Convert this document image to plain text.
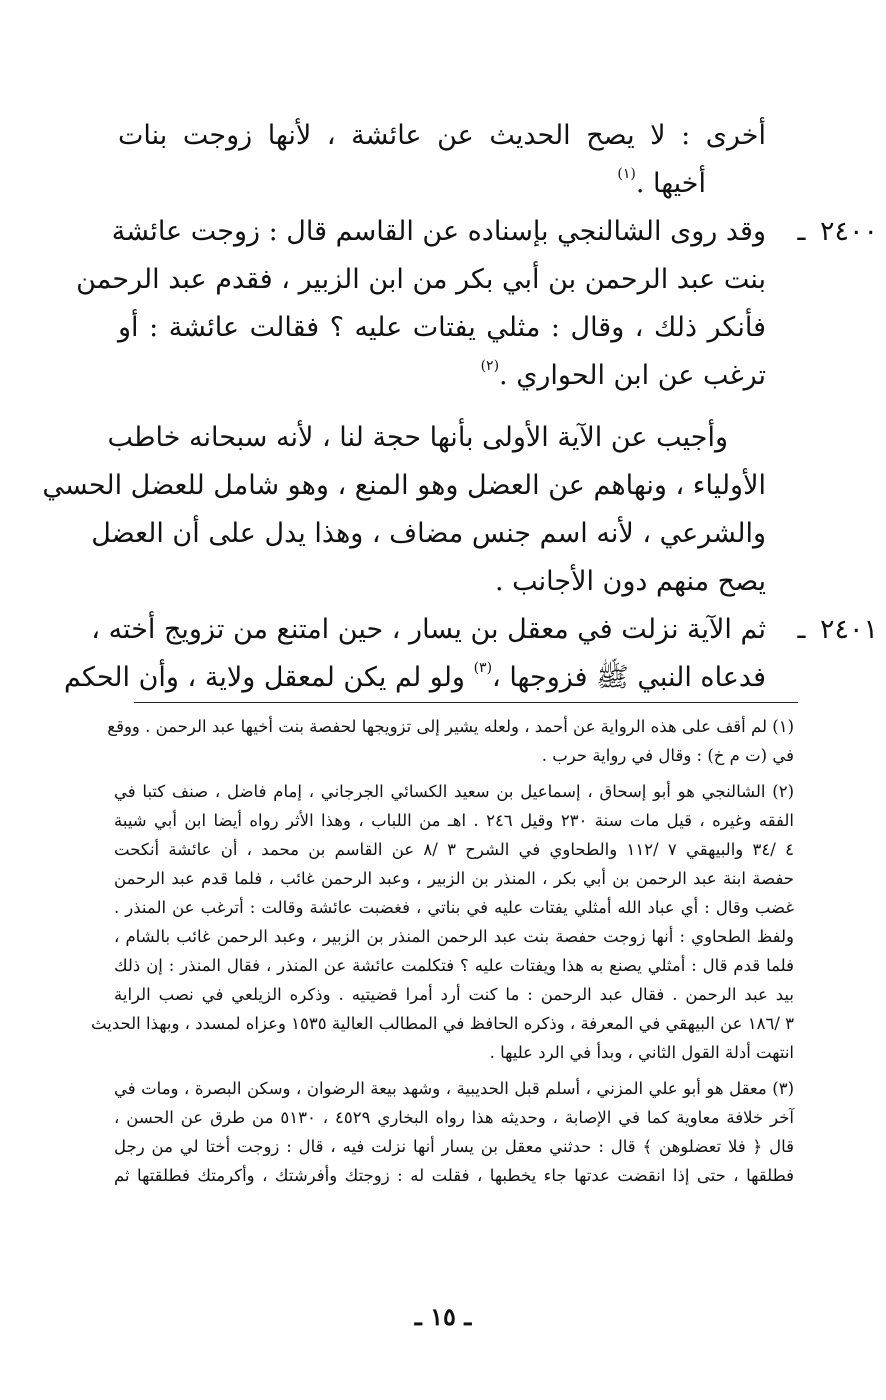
أخرى : لا يصح الحديث عن عائشة ، لأنها زوجت بنات
أخيها .$^{(١)}$
٢٤٠٠ ـ
وقد روى الشالنجي بإسناده عن القاسم قال : زوجت عائشة
بنت عبد الرحمن بن أبي بكر من ابن الزبير ، فقدم عبد الرحمن
فأنكر ذلك ، وقال : مثلي يفتات عليه ؟ فقالت عائشة : أو
ترغب عن ابن الحواري .$^{(٢)}$
وأجيب عن الآية الأولى بأنها حجة لنا ، لأنه سبحانه خاطب
الأولياء ، ونهاهم عن العضل وهو المنع ، وهو شامل للعضل الحسي
والشرعي ، لأنه اسم جنس مضاف ، وهذا يدل على أن العضل
يصح منهم دون الأجانب .
٢٤٠١ ـ
ثم الآية نزلت في معقل بن يسار ، حين امتنع من تزويج أخته ،
فدعاه النبي ﷺ فزوجها ،$^{(٣)}$ ولو لم يكن لمعقل ولاية ، وأن الحكم
(١) لم أقف على هذه الرواية عن أحمد ، ولعله يشير إلى تزويجها لحفصة بنت أخيها عبد الرحمن . ووقع
في (ت م خ) : وقال في رواية حرب .
(٢) الشالنجي هو أبو إسحاق ، إسماعيل بن سعيد الكسائي الجرجاني ، إمام فاضل ، صنف كتبا في
الفقه وغيره ، قيل مات سنة ٢٣٠ وقيل ٢٤٦ . اهـ من اللباب ، وهذا الأثر رواه أيضا ابن أبي شيبة
٤ /٣٤ والبيهقي ٧ /١١٢ والطحاوي في الشرح ٣ /٨ عن القاسم بن محمد ، أن عائشة أنكحت
حفصة ابنة عبد الرحمن بن أبي بكر ، المنذر بن الزبير ، وعبد الرحمن غائب ، فلما قدم عبد الرحمن
غضب وقال : أي عباد الله أمثلي يفتات عليه في بناتي ، فغضبت عائشة وقالت : أترغب عن المنذر .
ولفظ الطحاوي : أنها زوجت حفصة بنت عبد الرحمن المنذر بن الزبير ، وعبد الرحمن غائب بالشام ،
فلما قدم قال : أمثلي يصنع به هذا ويفتات عليه ؟ فتكلمت عائشة عن المنذر ، فقال المنذر : إن ذلك
بيد عبد الرحمن . فقال عبد الرحمن : ما كنت أرد أمرا قضيتيه . وذكره الزيلعي في نصب الراية
٣ /١٨٦ عن البيهقي في المعرفة ، وذكره الحافظ في المطالب العالية ١٥٣٥ وعزاه لمسدد ، وبهذا الحديث
انتهت أدلة القول الثاني ، وبدأ في الرد عليها .
(٣) معقل هو أبو علي المزني ، أسلم قبل الحديبية ، وشهد بيعة الرضوان ، وسكن البصرة ، ومات في
آخر خلافة معاوية كما في الإصابة ، وحديثه هذا رواه البخاري ٤٥٢٩ ، ٥١٣٠ من طرق عن الحسن ،
قال ﴿ فلا تعضلوهن ﴾ قال : حدثني معقل بن يسار أنها نزلت فيه ، قال : زوجت أختا لي من رجل
فطلقها ، حتى إذا انقضت عدتها جاء يخطبها ، فقلت له : زوجتك وأفرشتك ، وأكرمتك فطلقتها ثم
ـ ١٥ ـ
